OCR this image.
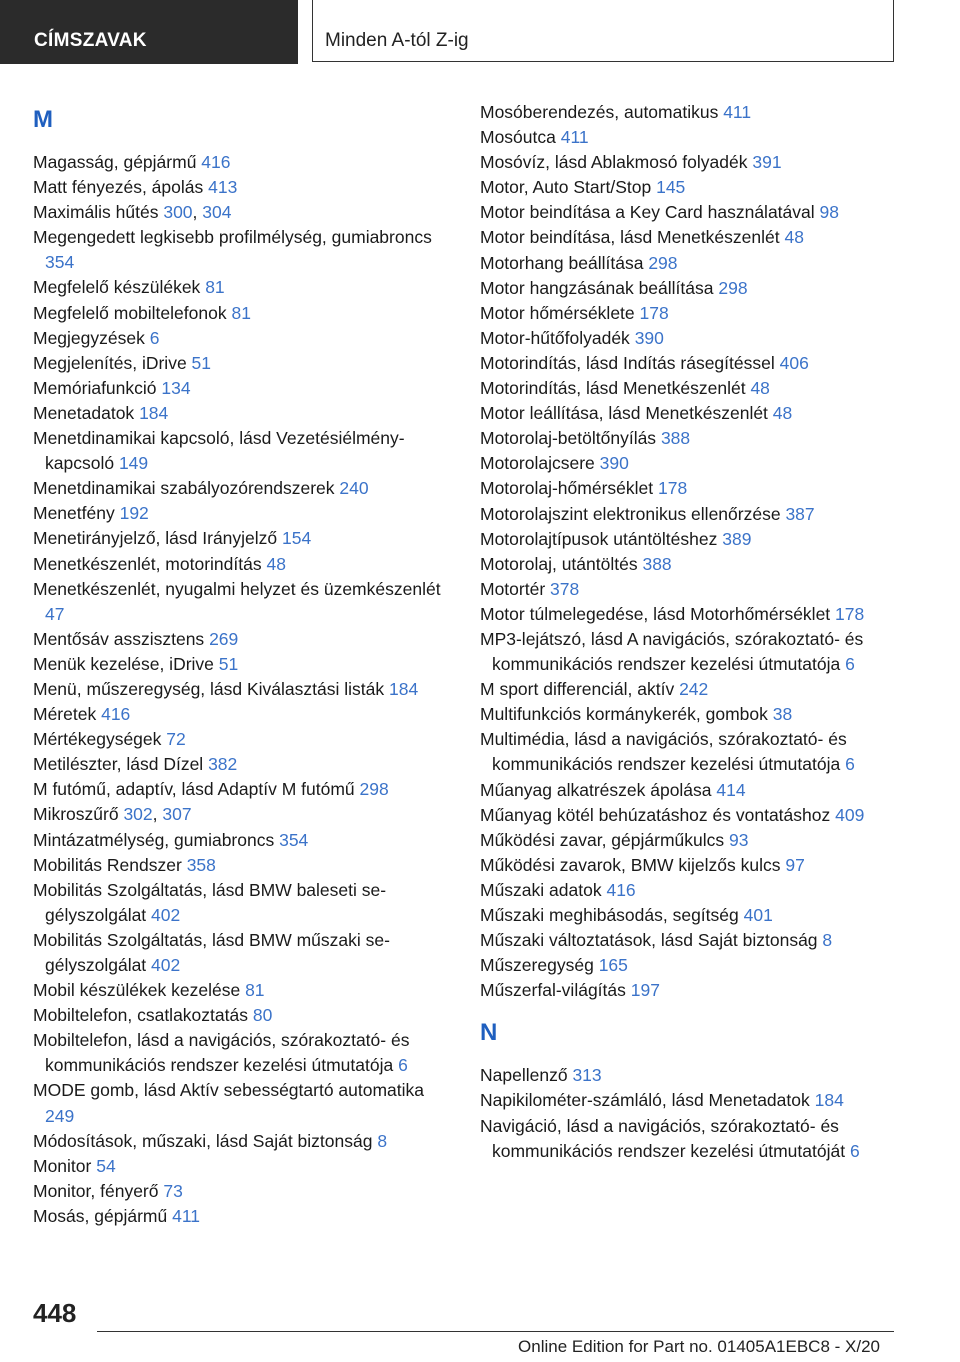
CÍMSZAVAK	Minden A-tól Z-ig
M
Magasság, gépjármű 416
Matt fényezés, ápolás 413
Maximális hűtés 300, 304
Megengedett legkisebb profilmélység, gumiabroncs 354
Megfelelő készülékek 81
Megfelelő mobiltelefonok 81
Megjegyzések 6
Megjelenítés, iDrive 51
Memóriafunkció 134
Menetadatok 184
Menetdinamikai kapcsoló, lásd Vezetésiélmény-kapcsoló 149
Menetdinamikai szabályozórendszerek 240
Menetfény 192
Menetirányjelző, lásd Irányjelző 154
Menetkészenlét, motorindítás 48
Menetkészenlét, nyugalmi helyzet és üzemkészenlét 47
Mentősáv asszisztens 269
Menük kezelése, iDrive 51
Menü, műszeregység, lásd Kiválasztási listák 184
Méretek 416
Mértékegységek 72
Metilészter, lásd Dízel 382
M futómű, adaptív, lásd Adaptív M futómű 298
Mikroszűrő 302, 307
Mintázatmélység, gumiabroncs 354
Mobilitás Rendszer 358
Mobilitás Szolgáltatás, lásd BMW baleseti segélyszolgálat 402
Mobilitás Szolgáltatás, lásd BMW műszaki segélyszolgálat 402
Mobil készülékek kezelése 81
Mobiltelefon, csatlakoztatás 80
Mobiltelefon, lásd a navigációs, szórakoztató- és kommunikációs rendszer kezelési útmutatója 6
MODE gomb, lásd Aktív sebességtartó automatika 249
Módosítások, műszaki, lásd Saját biztonság 8
Monitor 54
Monitor, fényerő 73
Mosás, gépjármű 411
Mosóberendezés, automatikus 411
Mosóutca 411
Mosóvíz, lásd Ablakmosó folyadék 391
Motor, Auto Start/Stop 145
Motor beindítása a Key Card használatával 98
Motor beindítása, lásd Menetkészenlét 48
Motorhang beállítása 298
Motor hangzásának beállítása 298
Motor hőmérséklete 178
Motor-hűtőfolyadék 390
Motorindítás, lásd Indítás rásegítéssel 406
Motorindítás, lásd Menetkészenlét 48
Motor leállítása, lásd Menetkészenlét 48
Motorolaj-betöltőnyílás 388
Motorolajcsere 390
Motorolaj-hőmérséklet 178
Motorolajszint elektronikus ellenőrzése 387
Motorolajtípusok utántöltéshez 389
Motorolaj, utántöltés 388
Motortér 378
Motor túlmelegedése, lásd Motorhőmérséklet 178
MP3-lejátszó, lásd A navigációs, szórakoztató- és kommunikációs rendszer kezelési útmutatója 6
M sport differenciál, aktív 242
Multifunkciós kormánykerék, gombok 38
Multimédia, lásd a navigációs, szórakoztató- és kommunikációs rendszer kezelési útmutatója 6
Műanyag alkatrészek ápolása 414
Műanyag kötél behúzatáshoz és vontatáshoz 409
Működési zavar, gépjárműkulcs 93
Működési zavarok, BMW kijelzős kulcs 97
Műszaki adatok 416
Műszaki meghibásodás, segítség 401
Műszaki változtatások, lásd Saját biztonság 8
Műszeregység 165
Műszerfal-világítás 197
N
Napellenző 313
Napikilométer-számláló, lásd Menetadatok 184
Navigáció, lásd a navigációs, szórakoztató- és kommunikációs rendszer kezelési útmutatóját 6
448
Online Edition for Part no. 01405A1EBC8 - X/20
